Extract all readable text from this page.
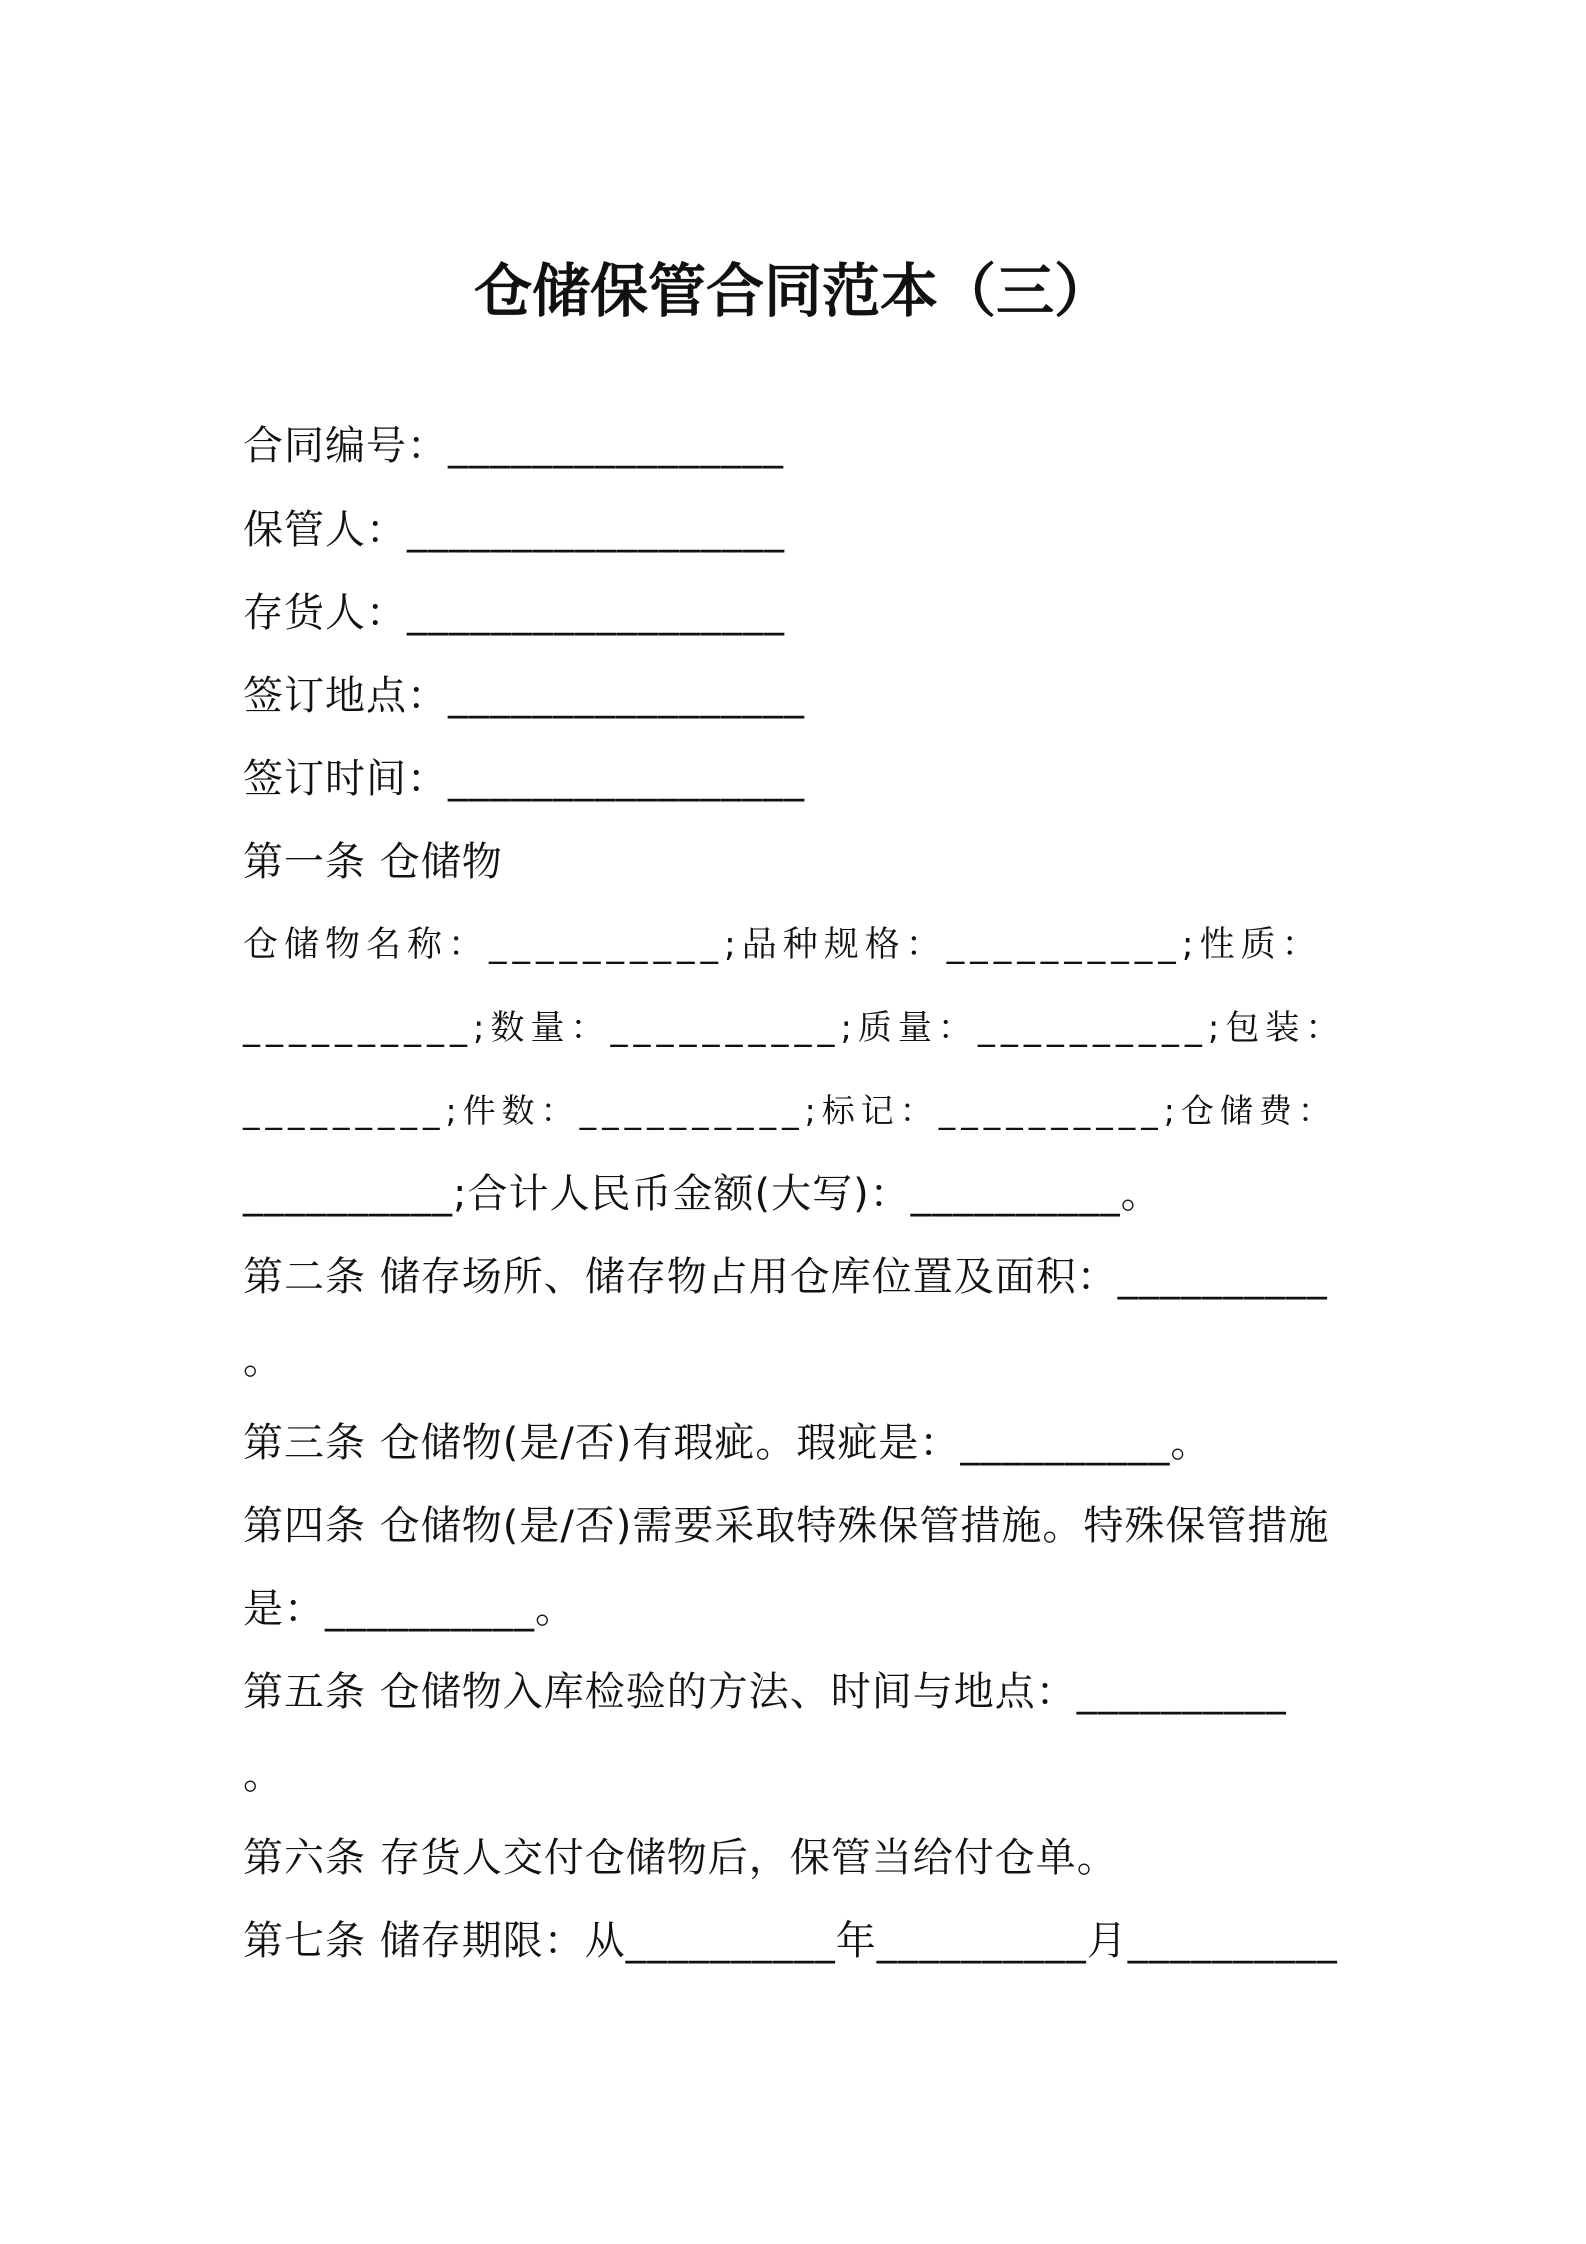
仓储保管合同范本（三）
合同编号：________________
保管人：__________________
存货人：__________________
签订地点：_________________
签订时间：_________________
第一条 仓储物
仓储物名称：__________;品种规格：__________;性质：
__________;数量：__________;质量：__________;包装：
_________;件数：__________;标记：__________;仓储费：
__________;合计人民币金额(大写)：__________。
第二条 储存场所、储存物占用仓库位置及面积：__________
。
第三条 仓储物(是/否)有瑕疵。瑕疵是：__________。
第四条 仓储物(是/否)需要采取特殊保管措施。特殊保管措施
是：__________。
第五条 仓储物入库检验的方法、时间与地点：__________
。
第六条 存货人交付仓储物后，保管当给付仓单。
第七条 储存期限：从__________年__________月__________
